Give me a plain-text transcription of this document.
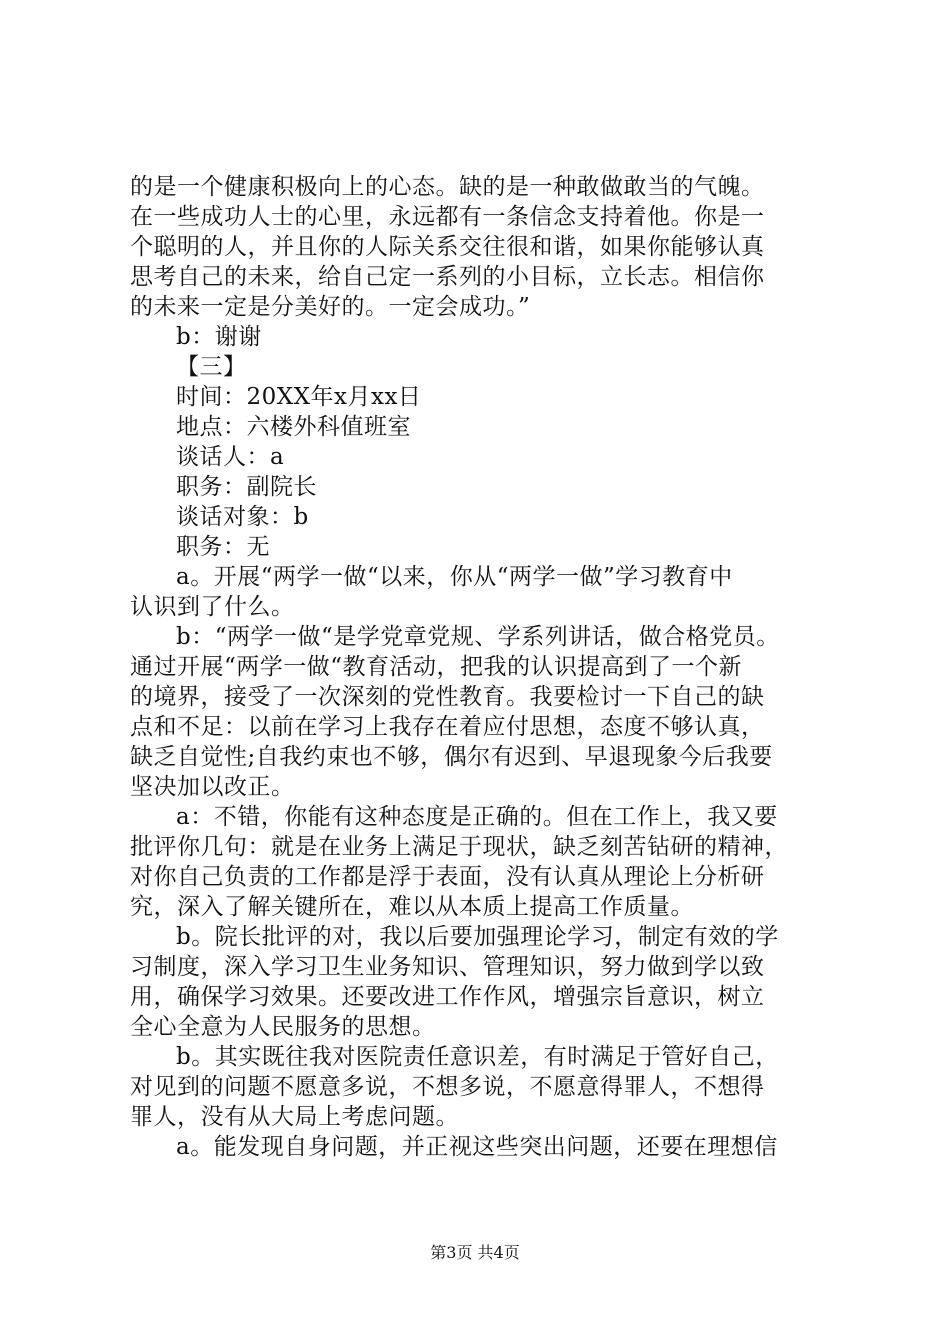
的是一个健康积极向上的心态。缺的是一种敢做敢当的气魄。
在一些成功人士的心里，永远都有一条信念支持着他。你是一
个聪明的人，并且你的人际关系交往很和谐，如果你能够认真
思考自己的未来，给自己定一系列的小目标，立长志。相信你
的未来一定是分美好的。一定会成功。”
b：谢谢
【三】
时间：20XX年x月xx日
地点：六楼外科值班室
谈话人：a
职务：副院长
谈话对象：b
职务：无
a。开展“两学一做“以来，你从“两学一做”学习教育中
认识到了什么。
b：“两学一做“是学党章党规、学系列讲话，做合格党员。
通过开展“两学一做“教育活动，把我的认识提高到了一个新
的境界，接受了一次深刻的党性教育。我要检讨一下自己的缺
点和不足：以前在学习上我存在着应付思想，态度不够认真，
缺乏自觉性;自我约束也不够，偶尔有迟到、早退现象今后我要
坚决加以改正。
a：不错，你能有这种态度是正确的。但在工作上，我又要
批评你几句：就是在业务上满足于现状，缺乏刻苦钻研的精神，
对你自己负责的工作都是浮于表面，没有认真从理论上分析研
究，深入了解关键所在，难以从本质上提高工作质量。
b。院长批评的对，我以后要加强理论学习，制定有效的学
习制度，深入学习卫生业务知识、管理知识，努力做到学以致
用，确保学习效果。还要改进工作作风，增强宗旨意识，树立
全心全意为人民服务的思想。
b。其实既往我对医院责任意识差，有时满足于管好自己，
对见到的问题不愿意多说，不想多说，不愿意得罪人，不想得
罪人，没有从大局上考虑问题。
a。能发现自身问题，并正视这些突出问题，还要在理想信
第3页 共4页
